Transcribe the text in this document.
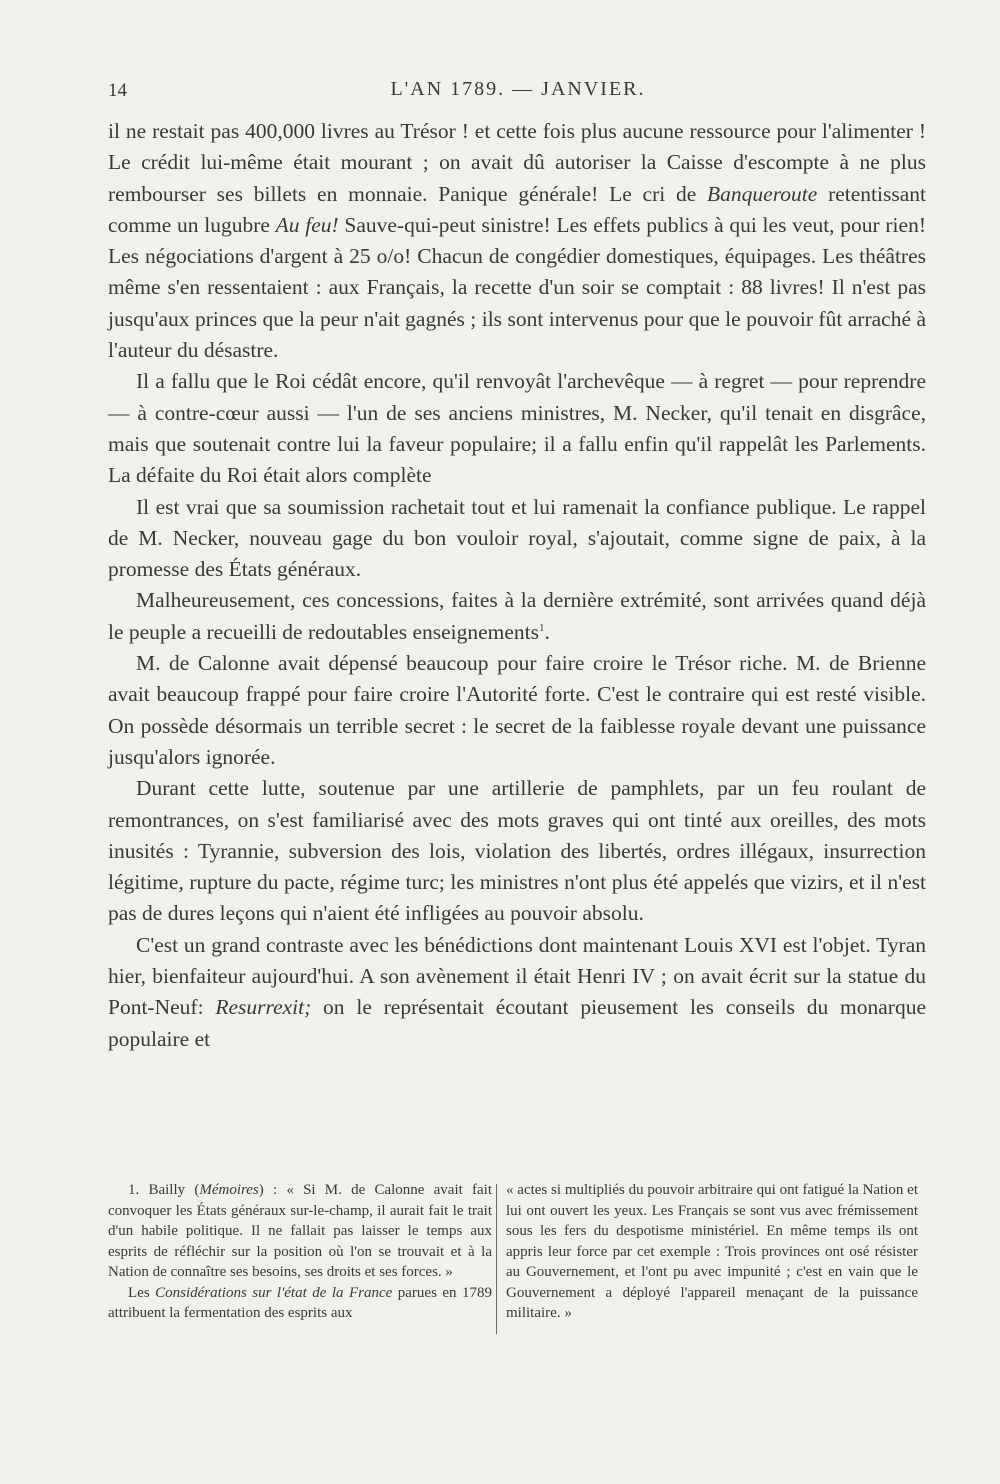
14	L'AN 1789. — JANVIER.

il ne restait pas 400,000 livres au Trésor ! et cette fois plus aucune ressource pour l'alimenter ! Le crédit lui-même était mourant ; on avait dû autoriser la Caisse d'escompte à ne plus rembourser ses billets en monnaie. Panique générale! Le cri de Banqueroute retentissant comme un lugubre Au feu! Sauve-qui-peut sinistre! Les effets publics à qui les veut, pour rien! Les négociations d'argent à 25 o/o! Chacun de congédier domestiques, équipages. Les théâtres même s'en ressentaient : aux Français, la recette d'un soir se comptait : 88 livres! Il n'est pas jusqu'aux princes que la peur n'ait gagnés ; ils sont intervenus pour que le pouvoir fût arraché à l'auteur du désastre.

Il a fallu que le Roi cédât encore, qu'il renvoyât l'archevêque — à regret — pour reprendre — à contre-cœur aussi — l'un de ses anciens ministres, M. Necker, qu'il tenait en disgrâce, mais que soutenait contre lui la faveur populaire; il a fallu enfin qu'il rappelât les Parlements. La défaite du Roi était alors complète

Il est vrai que sa soumission rachetait tout et lui ramenait la confiance publique. Le rappel de M. Necker, nouveau gage du bon vouloir royal, s'ajoutait, comme signe de paix, à la promesse des États généraux.

Malheureusement, ces concessions, faites à la dernière extrémité, sont arrivées quand déjà le peuple a recueilli de redoutables enseignements$^1$.

M. de Calonne avait dépensé beaucoup pour faire croire le Trésor riche. M. de Brienne avait beaucoup frappé pour faire croire l'Autorité forte. C'est le contraire qui est resté visible. On possède désormais un terrible secret : le secret de la faiblesse royale devant une puissance jusqu'alors ignorée.

Durant cette lutte, soutenue par une artillerie de pamphlets, par un feu roulant de remontrances, on s'est familiarisé avec des mots graves qui ont tinté aux oreilles, des mots inusités : Tyrannie, subversion des lois, violation des libertés, ordres illégaux, insurrection légitime, rupture du pacte, régime turc; les ministres n'ont plus été appelés que vizirs, et il n'est pas de dures leçons qui n'aient été infligées au pouvoir absolu.

C'est un grand contraste avec les bénédictions dont maintenant Louis XVI est l'objet. Tyran hier, bienfaiteur aujourd'hui. A son avènement il était Henri IV ; on avait écrit sur la statue du Pont-Neuf: Resurrexit; on le représentait écoutant pieusement les conseils du monarque populaire et

1. Bailly (Mémoires) : « Si M. de Calonne avait fait convoquer les États généraux sur-le-champ, il aurait fait le trait d'un habile politique. Il ne fallait pas laisser le temps aux esprits de réfléchir sur la position où l'on se trouvait et à la Nation de connaître ses besoins, ses droits et ses forces. »

Les Considérations sur l'état de la France parues en 1789 attribuent la fermentation des esprits aux

« actes si multipliés du pouvoir arbitraire qui ont fatigué la Nation et lui ont ouvert les yeux. Les Français se sont vus avec frémissement sous les fers du despotisme ministériel. En même temps ils ont appris leur force par cet exemple : Trois provinces ont osé résister au Gouvernement, et l'ont pu avec impunité ; c'est en vain que le Gouvernement a déployé l'appareil menaçant de la puissance militaire. »
